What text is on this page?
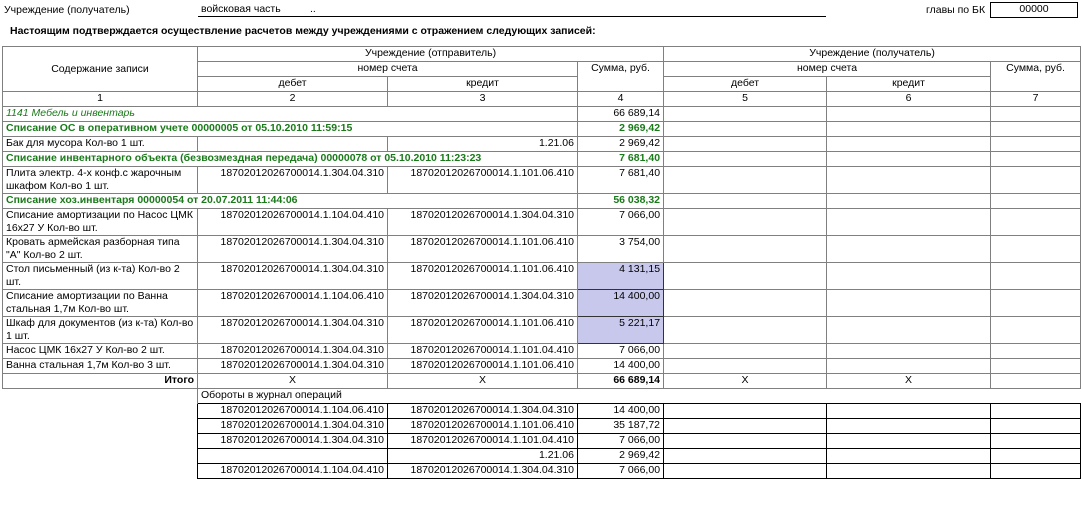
Учреждение (получатель)	войсковая часть	..	главы по БК	00000
Настоящим подтверждается осуществление расчетов между учреждениями с отражением следующих записей:
Содержание записи	Учреждение (отправитель)			Учреждение (получатель)		
	номер счета		Сумма, руб.	номер счета		Сумма, руб.
	дебет	кредит		дебет	кредит	
1	2	3	4	5	6	7
1141 Мебель и инвентарь			66 689,14			
Списание ОС в оперативном учете 00000005 от 05.10.2010 11:59:15			2 969,42			
Бак для мусора Кол-во 1 шт.		1.21.06	2 969,42			
Списание инвентарного объекта (безвозмездная передача) 00000078 от 05.10.2010 11:23:23			7 681,40			
Плита электр. 4-х конф.с жарочным шкафом Кол-во 1 шт.	18702012026700014.1.304.04.310	18702012026700014.1.101.06.410	7 681,40			
Списание хоз.инвентаря 00000054 от 20.07.2011 11:44:06			56 038,32			
Списание амортизации по Насос ЦМК 16х27 У Кол-во шт.	18702012026700014.1.104.04.410	18702012026700014.1.304.04.310	7 066,00			
Кровать армейская разборная типа "А" Кол-во 2 шт.	18702012026700014.1.304.04.310	18702012026700014.1.101.06.410	3 754,00			
Стол письменный (из к-та) Кол-во 2 шт.	18702012026700014.1.304.04.310	18702012026700014.1.101.06.410	4 131,15			
Списание амортизации по Ванна стальная 1,7м Кол-во шт.	18702012026700014.1.104.06.410	18702012026700014.1.304.04.310	14 400,00			
Шкаф для документов (из к-та) Кол-во 1 шт.	18702012026700014.1.304.04.310	18702012026700014.1.101.06.410	5 221,17			
Насос ЦМК 16х27 У Кол-во 2 шт.	18702012026700014.1.304.04.310	18702012026700014.1.101.04.410	7 066,00			
Ванна стальная 1,7м Кол-во 3 шт.	18702012026700014.1.304.04.310	18702012026700014.1.101.06.410	14 400,00			
Итого	X	X	66 689,14	X	X	
	Обороты в журнал операций					
	18702012026700014.1.104.06.410	18702012026700014.1.304.04.310	14 400,00			
	18702012026700014.1.304.04.310	18702012026700014.1.101.06.410	35 187,72			
	18702012026700014.1.304.04.310	18702012026700014.1.101.04.410	7 066,00			
		1.21.06	2 969,42			
	18702012026700014.1.104.04.410	18702012026700014.1.304.04.310	7 066,00			
